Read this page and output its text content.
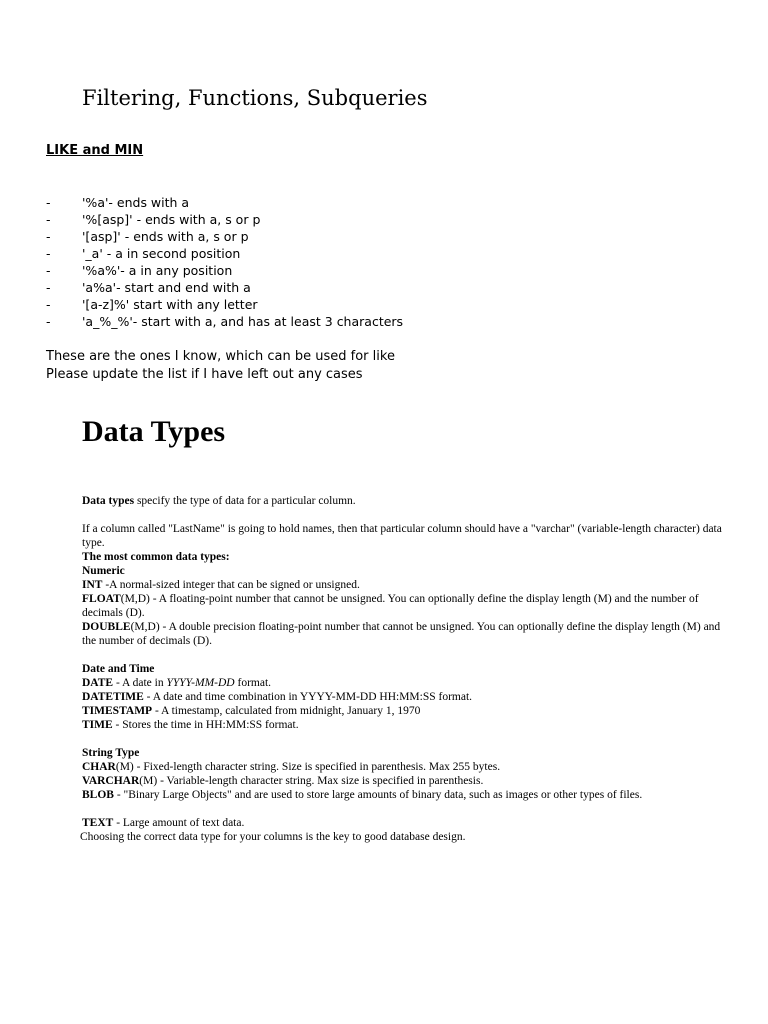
Filtering, Functions, Subqueries
LIKE and MIN
-	'%a'- ends with a
-	'%[asp]' - ends with a, s or p
-	'[asp]' - ends with a, s or p
-	'_a' - a in second position
-	'%a%'- a in any position
-	'a%a'- start and end with a
-	'[a-z]%' start with any letter
-	'a_%_%'- start with a, and has at least 3 characters

These are the ones I know, which can be used for like
Please update the list if I have left out any cases

Data Types

Data types specify the type of data for a particular column.

If a column called "LastName" is going to hold names, then that particular column should have a "varchar" (variable-length character) data type.

The most common data types:

Numeric

INT -A normal-sized integer that can be signed or unsigned.

FLOAT(M,D) - A floating-point number that cannot be unsigned. You can optionally define the display length (M) and the number of decimals (D).

DOUBLE(M,D) - A double precision floating-point number that cannot be unsigned. You can optionally define the display length (M) and the number of decimals (D).

Date and Time

DATE - A date in YYYY-MM-DD format.

DATETIME - A date and time combination in YYYY-MM-DD HH:MM:SS format.

TIMESTAMP - A timestamp, calculated from midnight, January 1, 1970

TIME - Stores the time in HH:MM:SS format.

String Type

CHAR(M) - Fixed-length character string. Size is specified in parenthesis. Max 255 bytes.

VARCHAR(M) - Variable-length character string. Max size is specified in parenthesis.

BLOB - "Binary Large Objects" and are used to store large amounts of binary data, such as images or other types of files.

TEXT - Large amount of text data.

Choosing the correct data type for your columns is the key to good database design.
